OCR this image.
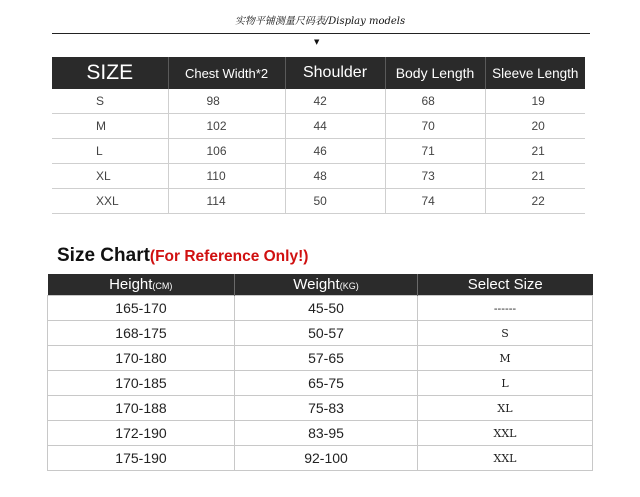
实物平铺测量尺码表/Display models
▼
SIZE	Chest Width*2	Shoulder	Body Length	Sleeve Length
S	98	42	68	19
M	102	44	70	20
L	106	46	71	21
XL	110	48	73	21
XXL	114	50	74	22
Size Chart(For Reference Only!)
Height(CM)	Weight(KG)	Select Size
165-170	45-50	------
168-175	50-57	S
170-180	57-65	M
170-185	65-75	L
170-188	75-83	XL
172-190	83-95	XXL
175-190	92-100	XXL
